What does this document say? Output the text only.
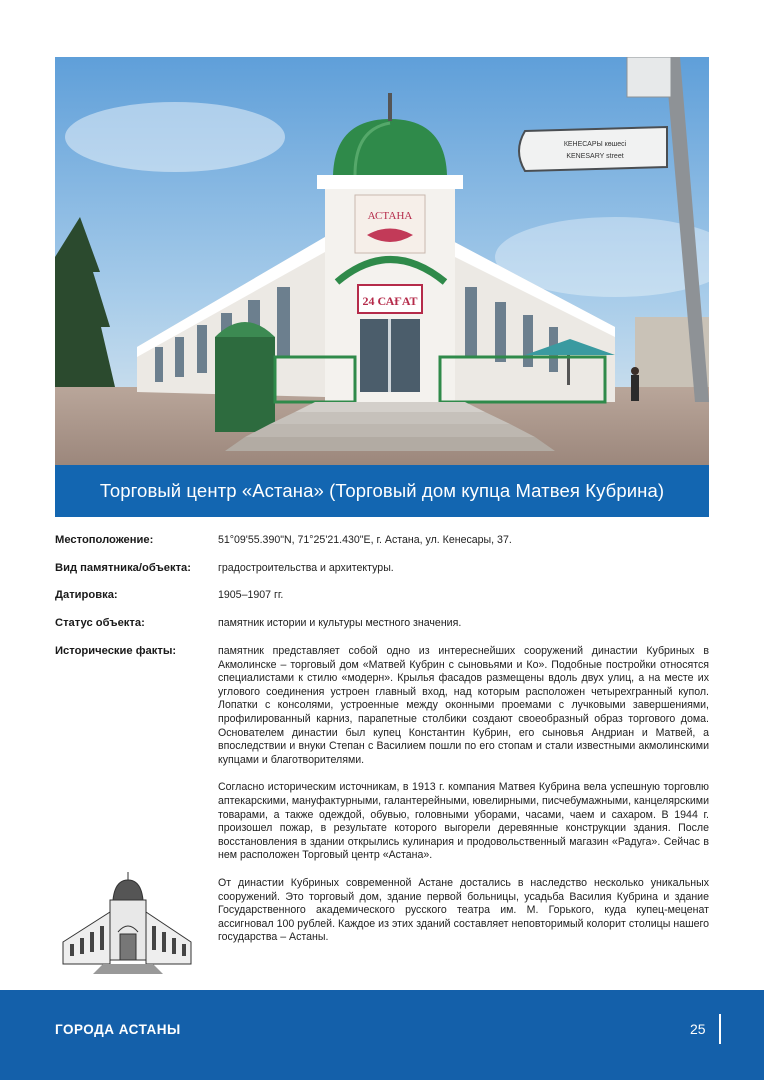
АСТАНА
24 САҒАТ
КЕНЕСАРЫ көшесі
KENESARY street
Торговый центр «Астана» (Торговый дом купца Матвея Кубрина)
Местоположение:	51°09'55.390"N, 71°25'21.430"E, г. Астана, ул. Кенесары, 37.
Вид памятника/объекта:	градостроительства и архитектуры.
Датировка:	1905–1907 гг.
Статус объекта:	памятник истории и культуры местного значения.
Исторические факты:	памятник представляет собой одно из интереснейших сооружений династии Кубриных в Акмолинске – торговый дом «Матвей Кубрин с сыновьями и Ко». Подобные постройки относятся специалистами к стилю «модерн». Крылья фасадов размещены вдоль двух улиц, а на месте их углового соединения устроен главный вход, над которым расположен четырехгранный купол. Лопатки с консолями, устроенные между оконными проемами с лучковыми завершениями, профилированный карниз, парапетные столбики создают своеобразный образ торгового дома. Основателем династии был купец Константин Кубрин, его сыновья Андриан и Матвей, а впоследствии и внуки Степан с Василием пошли по его стопам и стали известными акмолинскими купцами и благотворителями.

Согласно историческим источникам, в 1913 г. компания Матвея Кубрина вела успешную торговлю аптекарскими, мануфактурными, галантерейными, ювелирными, писчебумажными, канцелярскими товарами, а также одеждой, обувью, головными уборами, часами, чаем и сахаром. В 1944 г. произошел пожар, в результате которого выгорели деревянные конструкции здания. После восстановления в здании открылись кулинария и продовольственный магазин «Радуга». Сейчас в нем расположен Торговый центр «Астана».

От династии Кубриных современной Астане достались в наследство несколько уникальных сооружений. Это торговый дом, здание первой больницы, усадьба Василия Кубрина и здание Государственного академического русского театра им. М. Горького, куда купец-меценат ассигновал 100 рублей. Каждое из этих зданий составляет неповторимый колорит столицы нашего государства – Астаны.

ГОРОДА АСТАНЫ	25
